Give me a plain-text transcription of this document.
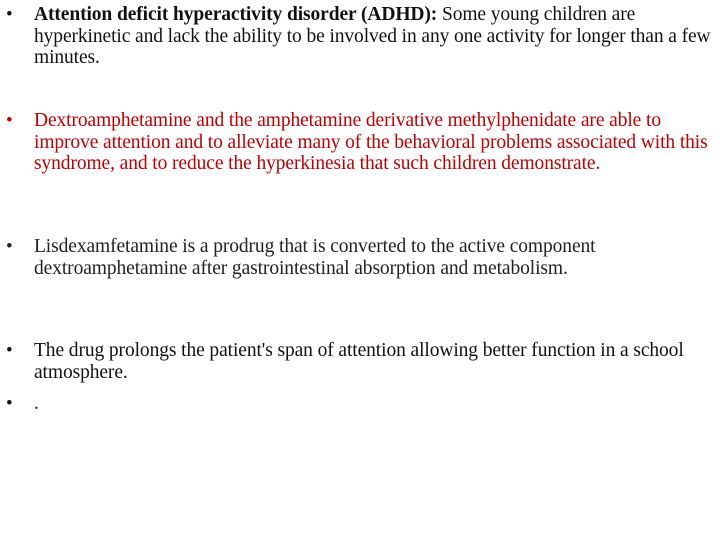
• Attention deficit hyperactivity disorder (ADHD): Some young children are hyperkinetic and lack the ability to be involved in any one activity for longer than a few minutes.
• Dextroamphetamine and the amphetamine derivative methylphenidate are able to improve attention and to alleviate many of the behavioral problems associated with this syndrome, and to reduce the hyperkinesia that such children demonstrate.
• Lisdexamfetamine is a prodrug that is converted to the active component dextroamphetamine after gastrointestinal absorption and metabolism.
• The drug prolongs the patient's span of attention allowing better function in a school atmosphere.
• .
